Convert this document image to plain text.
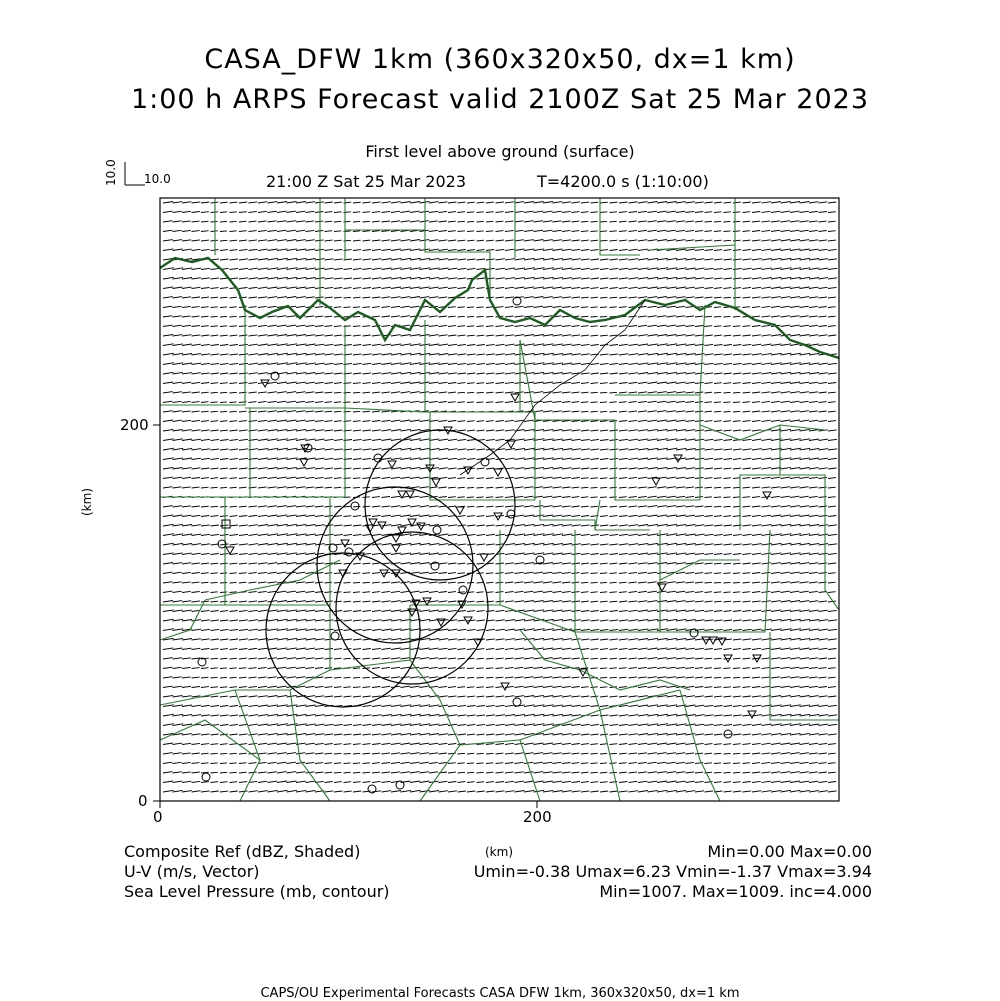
CASA_DFW 1km (360x320x50, dx=1 km)
1:00 h ARPS Forecast valid 2100Z Sat 25 Mar 2023
First level above ground (surface)
21:00 Z Sat 25 Mar 2023	T=4200.0 s (1:10:00)
10.0 10.0
200
0
0	200
(km)
(km)
Composite Ref (dBZ, Shaded)	Min=0.00 Max=0.00
U-V (m/s, Vector)	Umin=-0.38 Umax=6.23 Vmin=-1.37 Vmax=3.94
Sea Level Pressure (mb, contour)	Min=1007. Max=1009. inc=4.000
CAPS/OU Experimental Forecasts CASA DFW 1km, 360x320x50, dx=1 km
